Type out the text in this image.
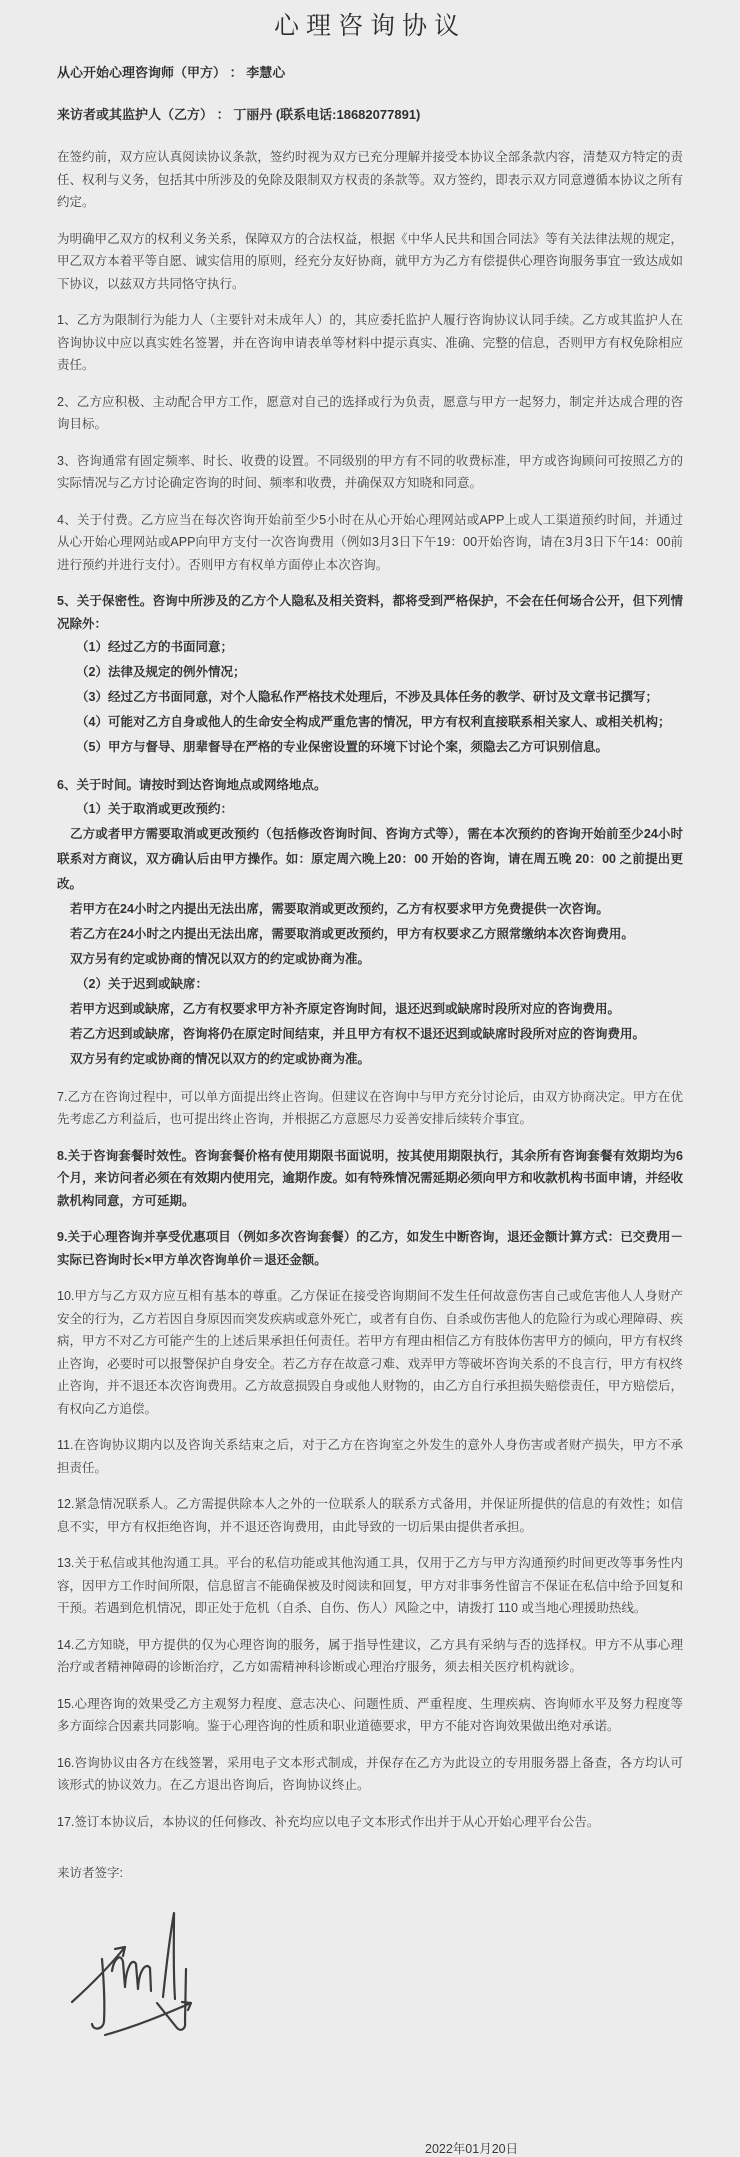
心理咨询协议

从心开始心理咨询师（甲方） ： 李慧心

来访者或其监护人（乙方） ： 丁丽丹 (联系电话:18682077891)

在签约前，双方应认真阅读协议条款，签约时视为双方已充分理解并接受本协议全部条款内容，清楚双方特定的责任、权利与义务，包括其中所涉及的免除及限制双方权责的条款等。双方签约，即表示双方同意遵循本协议之所有约定。

为明确甲乙双方的权利义务关系，保障双方的合法权益，根据《中华人民共和国合同法》等有关法律法规的规定，甲乙双方本着平等自愿、诚实信用的原则，经充分友好协商，就甲方为乙方有偿提供心理咨询服务事宜一致达成如下协议，以兹双方共同恪守执行。

1、乙方为限制行为能力人（主要针对未成年人）的，其应委托监护人履行咨询协议认同手续。乙方或其监护人在咨询协议中应以真实姓名签署，并在咨询申请表单等材料中提示真实、准确、完整的信息，否则甲方有权免除相应责任。

2、乙方应积极、主动配合甲方工作，愿意对自己的选择或行为负责，愿意与甲方一起努力，制定并达成合理的咨询目标。

3、咨询通常有固定频率、时长、收费的设置。不同级别的甲方有不同的收费标准，甲方或咨询顾问可按照乙方的实际情况与乙方讨论确定咨询的时间、频率和收费，并确保双方知晓和同意。

4、关于付费。乙方应当在每次咨询开始前至少5小时在从心开始心理网站或APP上或人工渠道预约时间，并通过从心开始心理网站或APP向甲方支付一次咨询费用（例如3月3日下午19：00开始咨询，请在3月3日下午14：00前进行预约并进行支付）。否则甲方有权单方面停止本次咨询。

5、关于保密性。咨询中所涉及的乙方个人隐私及相关资料，都将受到严格保护，不会在任何场合公开，但下列情况除外：
（1）经过乙方的书面同意；
（2）法律及规定的例外情况；
（3）经过乙方书面同意，对个人隐私作严格技术处理后，不涉及具体任务的教学、研讨及文章书记撰写；
（4）可能对乙方自身或他人的生命安全构成严重危害的情况，甲方有权利直接联系相关家人、或相关机构；
（5）甲方与督导、朋辈督导在严格的专业保密设置的环境下讨论个案，须隐去乙方可识别信息。
6、关于时间。请按时到达咨询地点或网络地点。
（1）关于取消或更改预约：
乙方或者甲方需要取消或更改预约（包括修改咨询时间、咨询方式等），需在本次预约的咨询开始前至少24小时联系对方商议，双方确认后由甲方操作。如：原定周六晚上20：00 开始的咨询，请在周五晚 20：00 之前提出更改。
若甲方在24小时之内提出无法出席，需要取消或更改预约，乙方有权要求甲方免费提供一次咨询。
若乙方在24小时之内提出无法出席，需要取消或更改预约，甲方有权要求乙方照常缴纳本次咨询费用。
双方另有约定或协商的情况以双方的约定或协商为准。
（2）关于迟到或缺席：
若甲方迟到或缺席，乙方有权要求甲方补齐原定咨询时间，退还迟到或缺席时段所对应的咨询费用。
若乙方迟到或缺席，咨询将仍在原定时间结束，并且甲方有权不退还迟到或缺席时段所对应的咨询费用。
双方另有约定或协商的情况以双方的约定或协商为准。

7.乙方在咨询过程中，可以单方面提出终止咨询。但建议在咨询中与甲方充分讨论后，由双方协商决定。甲方在优先考虑乙方利益后，也可提出终止咨询，并根据乙方意愿尽力妥善安排后续转介事宜。

8.关于咨询套餐时效性。咨询套餐价格有使用期限书面说明，按其使用期限执行，其余所有咨询套餐有效期均为6个月，来访问者必须在有效期内使用完，逾期作废。如有特殊情况需延期必须向甲方和收款机构书面申请，并经收款机构同意，方可延期。

9.关于心理咨询并享受优惠项目（例如多次咨询套餐）的乙方，如发生中断咨询，退还金额计算方式：已交费用－实际已咨询时长×甲方单次咨询单价＝退还金额。

10.甲方与乙方双方应互相有基本的尊重。乙方保证在接受咨询期间不发生任何故意伤害自己或危害他人人身财产安全的行为，乙方若因自身原因而突发疾病或意外死亡，或者有自伤、自杀或伤害他人的危险行为或心理障碍、疾病，甲方不对乙方可能产生的上述后果承担任何责任。若甲方有理由相信乙方有肢体伤害甲方的倾向，甲方有权终止咨询，必要时可以报警保护自身安全。若乙方存在故意刁难、戏弄甲方等破坏咨询关系的不良言行，甲方有权终止咨询，并不退还本次咨询费用。乙方故意损毁自身或他人财物的，由乙方自行承担损失赔偿责任，甲方赔偿后，有权向乙方追偿。

11.在咨询协议期内以及咨询关系结束之后，对于乙方在咨询室之外发生的意外人身伤害或者财产损失，甲方不承担责任。

12.紧急情况联系人。乙方需提供除本人之外的一位联系人的联系方式备用，并保证所提供的信息的有效性；如信息不实，甲方有权拒绝咨询，并不退还咨询费用，由此导致的一切后果由提供者承担。

13.关于私信或其他沟通工具。平台的私信功能或其他沟通工具，仅用于乙方与甲方沟通预约时间更改等事务性内容，因甲方工作时间所限，信息留言不能确保被及时阅读和回复，甲方对非事务性留言不保证在私信中给予回复和干预。若遇到危机情况，即正处于危机（自杀、自伤、伤人）风险之中，请拨打 110 或当地心理援助热线。

14.乙方知晓，甲方提供的仅为心理咨询的服务，属于指导性建议，乙方具有采纳与否的选择权。甲方不从事心理治疗或者精神障碍的诊断治疗，乙方如需精神科诊断或心理治疗服务，须去相关医疗机构就诊。

15.心理咨询的效果受乙方主观努力程度、意志决心、问题性质、严重程度、生理疾病、咨询师水平及努力程度等多方面综合因素共同影响。鉴于心理咨询的性质和职业道德要求，甲方不能对咨询效果做出绝对承诺。

16.咨询协议由各方在线签署，采用电子文本形式制成，并保存在乙方为此设立的专用服务器上备查，各方均认可该形式的协议效力。在乙方退出咨询后，咨询协议终止。

17.签订本协议后，本协议的任何修改、补充均应以电子文本形式作出并于从心开始心理平台公告。

来访者签字:

2022年01月20日
